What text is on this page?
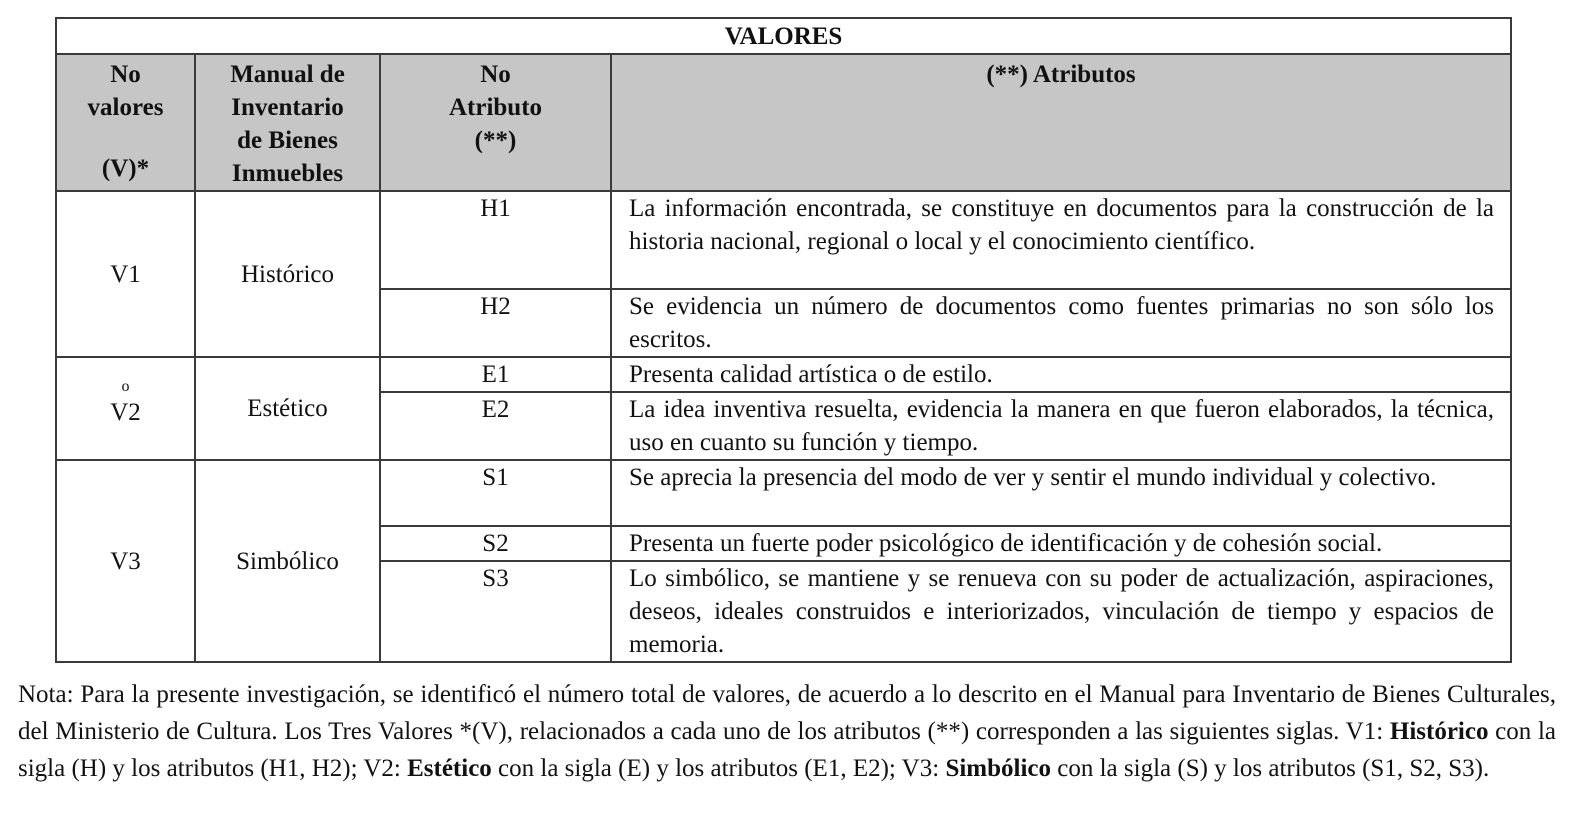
VALORES			
No
valores

(V)*	Manual de
Inventario
de Bienes
Inmuebles	No
Atributo
(**)	(**) Atributos
V1	Histórico	H1	La información encontrada, se constituye en documentos para la construcción de la historia nacional, regional o local y el conocimiento científico.
		H2	Se evidencia un número de documentos como fuentes primarias no son sólo los escritos.

o
V2	Estético	E1	Presenta calidad artística o de estilo.
		E2	La idea inventiva resuelta, evidencia la manera en que fueron elaborados, la técnica, uso en cuanto su función y tiempo.
V3	Simbólico	S1	Se aprecia la presencia del modo de ver y sentir el mundo individual y colectivo.
		S2	Presenta un fuerte poder psicológico de identificación y de cohesión social.
		S3	Lo simbólico, se mantiene y se renueva con su poder de actualización, aspiraciones, deseos, ideales construidos e interiorizados, vinculación de tiempo y espacios de memoria.

Nota: Para la presente investigación, se identificó el número total de valores, de acuerdo a lo descrito en el Manual para Inventario de Bienes Culturales, del Ministerio de Cultura. Los Tres Valores *(V), relacionados a cada uno de los atributos (**) corresponden a las siguientes siglas. V1: Histórico con la sigla (H) y los atributos (H1, H2); V2: Estético con la sigla (E) y los atributos (E1, E2); V3: Simbólico con la sigla (S) y los atributos (S1, S2, S3).
